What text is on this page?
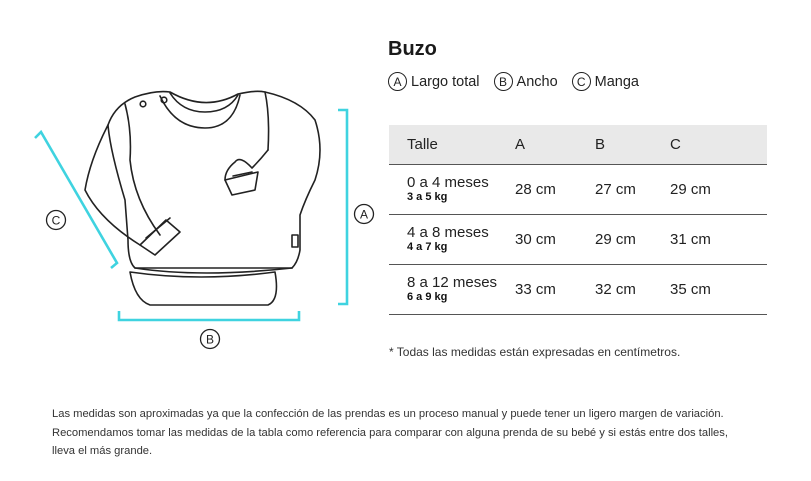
A
B
C
Buzo
A Largo total	B Ancho	C Manga
Talle	A	B	C

0 a 4 meses
3 a 5 kg	28 cm	27 cm	29 cm

4 a 8 meses
4 a 7 kg	30 cm	29 cm	31 cm

8 a 12 meses
6 a 9 kg	33 cm	32 cm	35 cm
* Todas las medidas están expresadas en centímetros.
Las medidas son aproximadas ya que la confección de las prendas es un proceso manual y puede tener un ligero margen de variación. Recomendamos tomar las medidas de la tabla como referencia para comparar con alguna prenda de su bebé y si estás entre dos talles, lleva el más grande.
